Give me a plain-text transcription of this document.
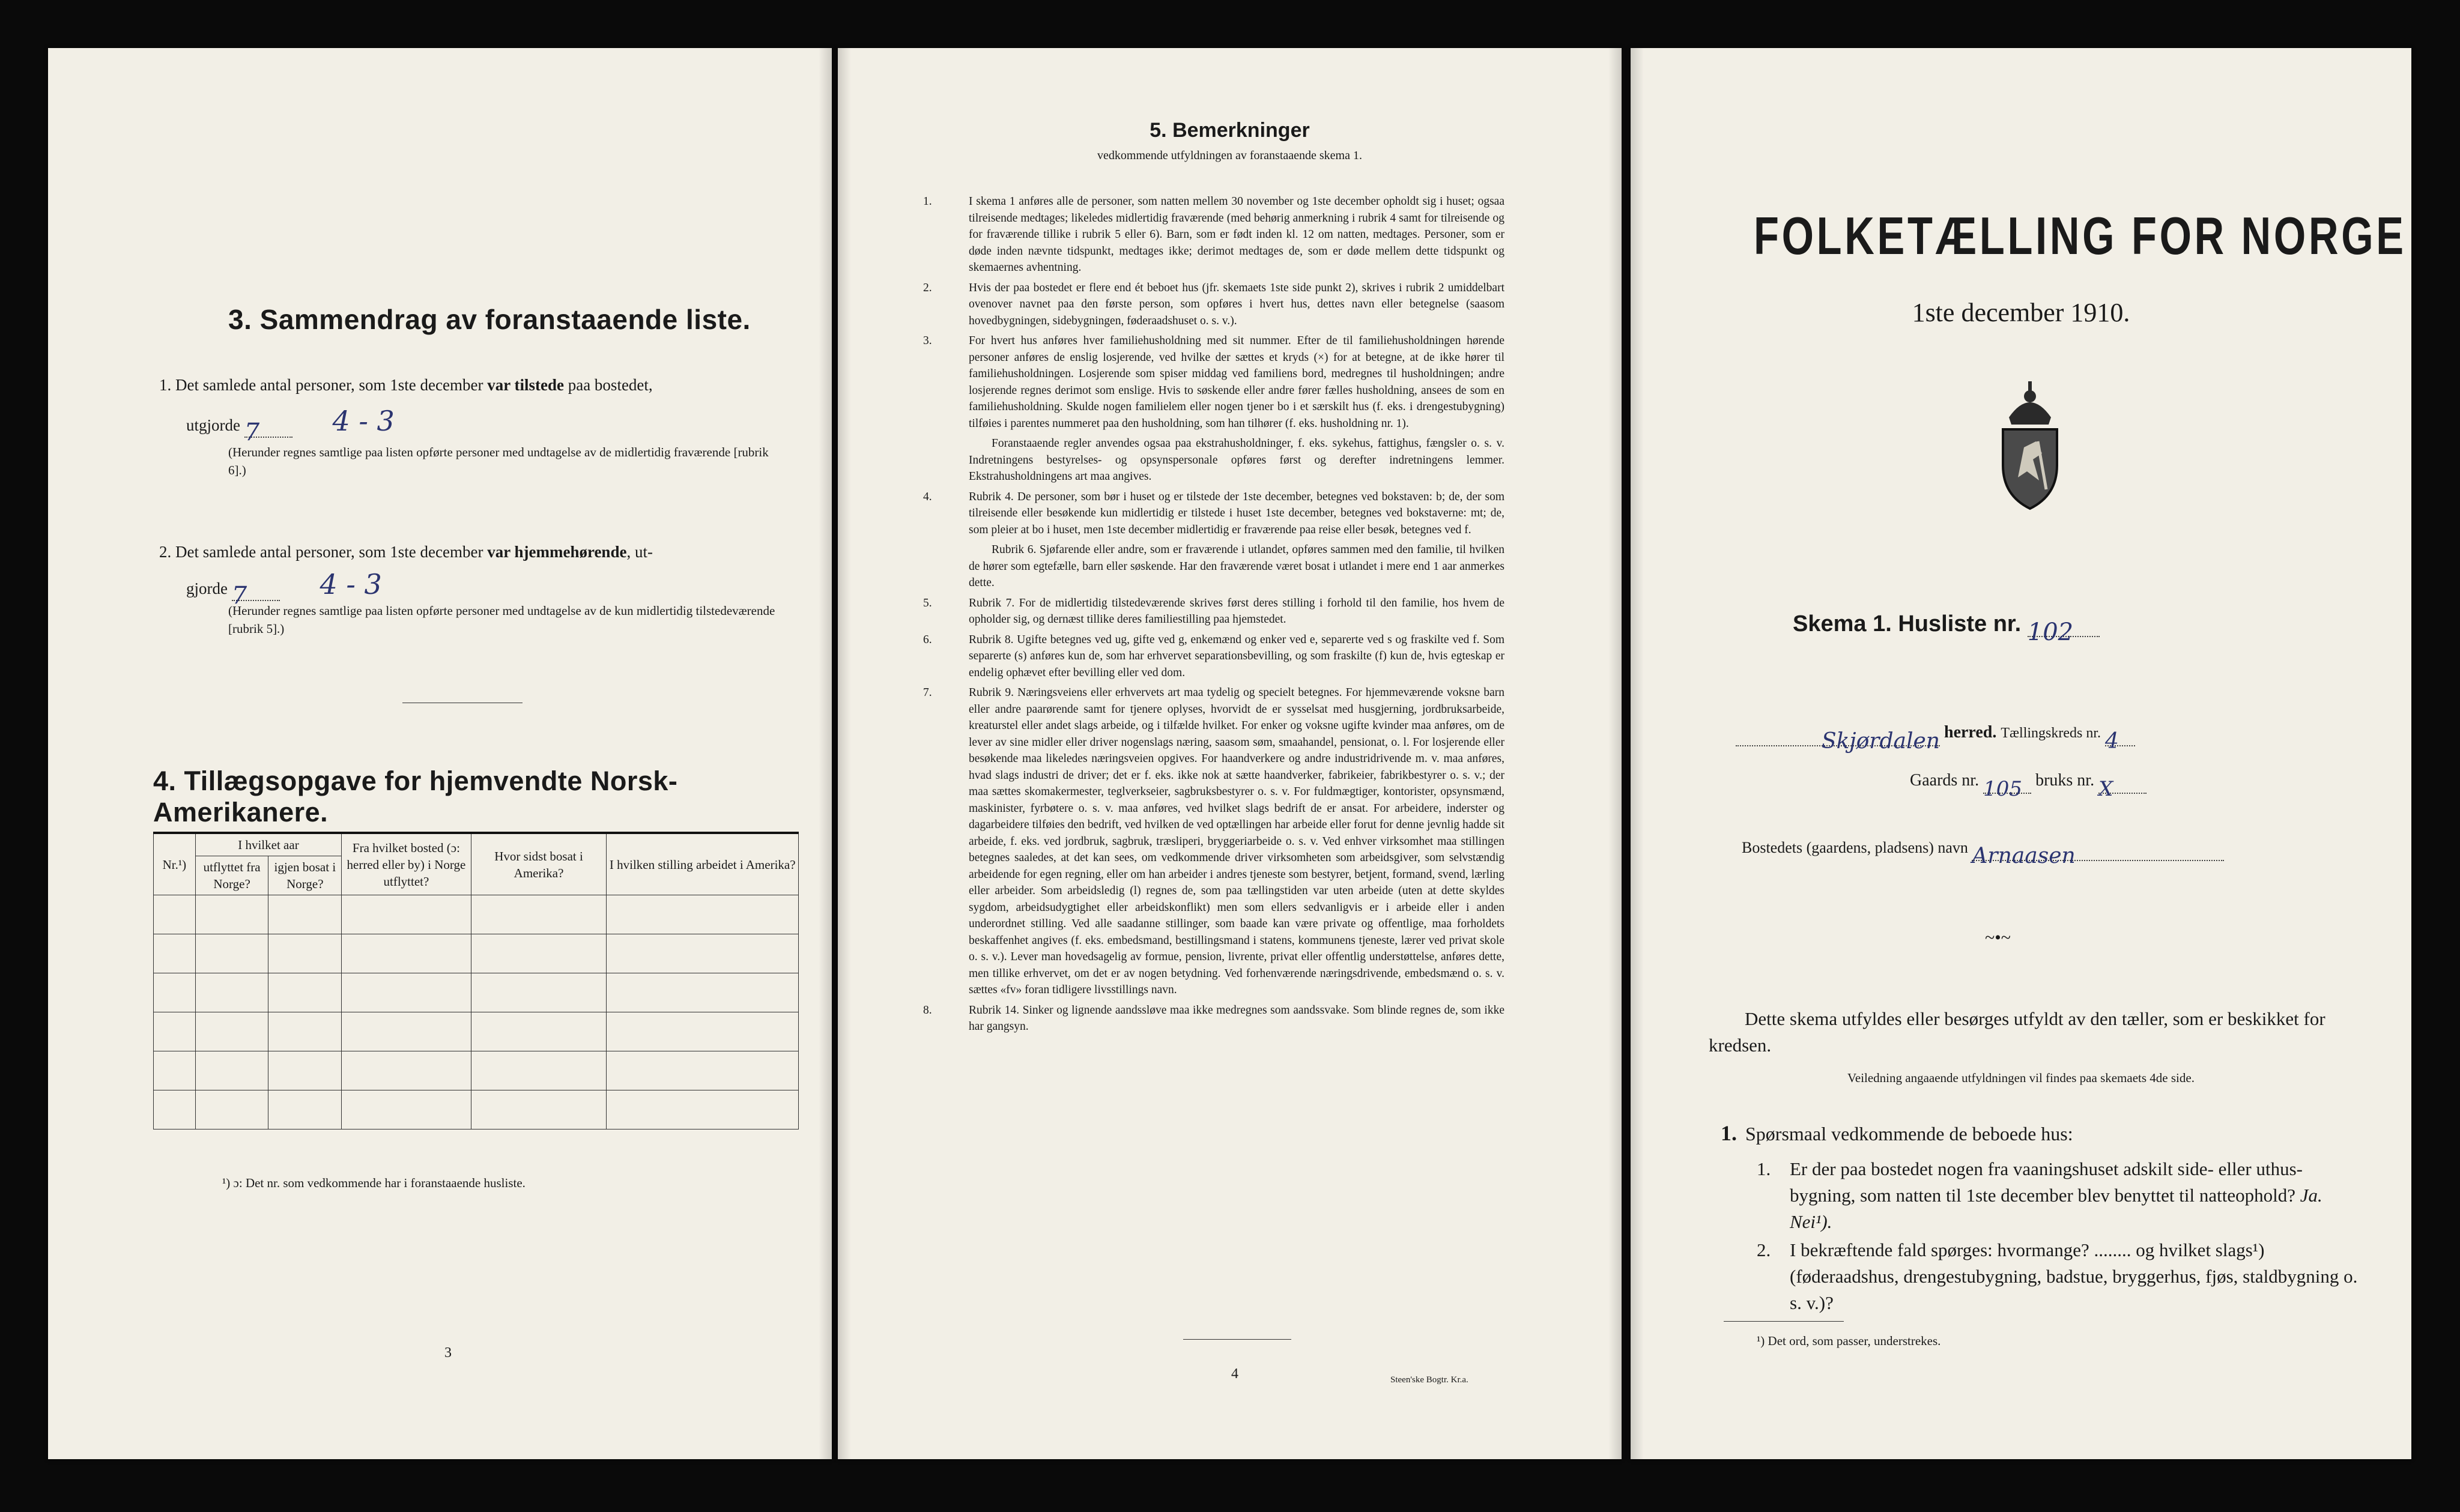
3. Sammendrag av foranstaaende liste.
1. Det samlede antal personer, som 1ste december var tilstede paa bostedet,
utgjorde 7	4 - 3
(Herunder regnes samtlige paa listen opførte personer med undtagelse av de midlertidig fraværende [rubrik 6].)
2. Det samlede antal personer, som 1ste december var hjemmehørende, ut-
gjorde 7	4 - 3
(Herunder regnes samtlige paa listen opførte personer med undtagelse av de kun midlertidig tilstedeværende [rubrik 5].)
4. Tillægsopgave for hjemvendte Norsk-Amerikanere.
Nr.¹)	I hvilket aar		Fra hvilket bosted (ɔ: herred eller by) i Norge utflyttet?	Hvor sidst bosat i Amerika?	I hvilken stilling arbeidet i Amerika?
	utflyttet fra Norge?	igjen bosat i Norge?			

¹) ɔ: Det nr. som vedkommende har i foranstaaende husliste.
3
5. Bemerkninger
vedkommende utfyldningen av foranstaaende skema 1.

1.	I skema 1 anføres alle de personer, som natten mellem 30 november og 1ste december opholdt sig i huset; ogsaa tilreisende medtages; likeledes midlertidig fraværende (med behørig anmerkning i rubrik 4 samt for tilreisende og for fraværende tillike i rubrik 5 eller 6). Barn, som er født inden kl. 12 om natten, medtages. Personer, som er døde inden nævnte tidspunkt, medtages ikke; derimot medtages de, som er døde mellem dette tidspunkt og skemaernes avhentning.

2.	Hvis der paa bostedet er flere end ét beboet hus (jfr. skemaets 1ste side punkt 2), skrives i rubrik 2 umiddelbart ovenover navnet paa den første person, som opføres i hvert hus, dettes navn eller betegnelse (saasom hovedbygningen, sidebygningen, føderaadshuset o. s. v.).

3.	For hvert hus anføres hver familiehusholdning med sit nummer. Efter de til familiehusholdningen hørende personer anføres de enslig losjerende, ved hvilke der sættes et kryds (×) for at betegne, at de ikke hører til familiehusholdningen. Losjerende som spiser middag ved familiens bord, medregnes til husholdningen; andre losjerende regnes derimot som enslige. Hvis to søskende eller andre fører fælles husholdning, ansees de som en familiehusholdning. Skulde nogen familielem eller nogen tjener bo i et særskilt hus (f. eks. i drengestubygning) tilføies i parentes nummeret paa den husholdning, som han tilhører (f. eks. husholdning nr. 1).

Foranstaaende regler anvendes ogsaa paa ekstrahusholdninger, f. eks. sykehus, fattighus, fængsler o. s. v. Indretningens bestyrelses- og opsynspersonale opføres først og derefter indretningens lemmer. Ekstrahusholdningens art maa angives.

4.	Rubrik 4. De personer, som bør i huset og er tilstede der 1ste december, betegnes ved bokstaven: b; de, der som tilreisende eller besøkende kun midlertidig er tilstede i huset 1ste december, betegnes ved bokstaverne: mt; de, som pleier at bo i huset, men 1ste december midlertidig er fraværende paa reise eller besøk, betegnes ved f.

Rubrik 6. Sjøfarende eller andre, som er fraværende i utlandet, opføres sammen med den familie, til hvilken de hører som egtefælle, barn eller søskende. Har den fraværende været bosat i utlandet i mere end 1 aar anmerkes dette.

5.	Rubrik 7. For de midlertidig tilstedeværende skrives først deres stilling i forhold til den familie, hos hvem de opholder sig, og dernæst tillike deres familiestilling paa hjemstedet.

6.	Rubrik 8. Ugifte betegnes ved ug, gifte ved g, enkemænd og enker ved e, separerte ved s og fraskilte ved f. Som separerte (s) anføres kun de, som har erhvervet separationsbevilling, og som fraskilte (f) kun de, hvis egteskap er endelig ophævet efter bevilling eller ved dom.

7.	Rubrik 9. Næringsveiens eller erhvervets art maa tydelig og specielt betegnes. For hjemmeværende voksne barn eller andre paarørende samt for tjenere oplyses, hvorvidt de er sysselsat med husgjerning, jordbruksarbeide, kreaturstel eller andet slags arbeide, og i tilfælde hvilket. For enker og voksne ugifte kvinder maa anføres, om de lever av sine midler eller driver nogenslags næring, saasom søm, smaahandel, pensionat, o. l. For losjerende eller besøkende maa likeledes næringsveien opgives. For haandverkere og andre industridrivende m. v. maa anføres, hvad slags industri de driver; det er f. eks. ikke nok at sætte haandverker, fabrikeier, fabrikbestyrer o. s. v.; der maa sættes skomakermester, teglverkseier, sagbruksbestyrer o. s. v. For fuldmægtiger, kontorister, opsynsmænd, maskinister, fyrbøtere o. s. v. maa anføres, ved hvilket slags bedrift de er ansat. For arbeidere, inderster og dagarbeidere tilføies den bedrift, ved hvilken de ved optællingen har arbeide eller forut for denne jevnlig hadde sit arbeide, f. eks. ved jordbruk, sagbruk, træsliperi, bryggeriarbeide o. s. v. Ved enhver virksomhet maa stillingen betegnes saaledes, at det kan sees, om vedkommende driver virksomheten som arbeidsgiver, som selvstændig arbeidende for egen regning, eller om han arbeider i andres tjeneste som bestyrer, betjent, formand, svend, lærling eller arbeider. Som arbeidsledig (l) regnes de, som paa tællingstiden var uten arbeide (uten at dette skyldes sygdom, arbeidsudygtighet eller arbeidskonflikt) men som ellers sedvanligvis er i arbeide eller i anden underordnet stilling. Ved alle saadanne stillinger, som baade kan være private og offentlige, maa forholdets beskaffenhet angives (f. eks. embedsmand, bestillingsmand i statens, kommunens tjeneste, lærer ved privat skole o. s. v.). Lever man hovedsagelig av formue, pension, livrente, privat eller offentlig understøttelse, anføres dette, men tillike erhvervet, om det er av nogen betydning. Ved forhenværende næringsdrivende, embedsmænd o. s. v. sættes «fv» foran tidligere livsstillings navn.

8.	Rubrik 14. Sinker og lignende aandssløve maa ikke medregnes som aandssvake. Som blinde regnes de, som ikke har gangsyn.

4	Steen'ske Bogtr. Kr.a.
FOLKETÆLLING FOR NORGE
1ste december 1910.
Skema 1. Husliste nr. 102
Skjørdalen herred. Tællingskreds nr. 4
Gaards nr. 105 bruks nr. X
Bostedets (gaardens, pladsens) navn Arnaasen
~•~
Dette skema utfyldes eller besørges utfyldt av den tæller, som er beskikket for kredsen.
Veiledning angaaende utfyldningen vil findes paa skemaets 4de side.
1. Spørsmaal vedkommende de beboede hus:
1.	Er der paa bostedet nogen fra vaaningshuset adskilt side- eller uthus-bygning, som natten til 1ste december blev benyttet til natteophold? Ja. Nei¹).
2.	I bekræftende fald spørges: hvormange? ........ og hvilket slags¹) (føderaadshus, drengestubygning, badstue, bryggerhus, fjøs, staldbygning o. s. v.)?
¹) Det ord, som passer, understrekes.
